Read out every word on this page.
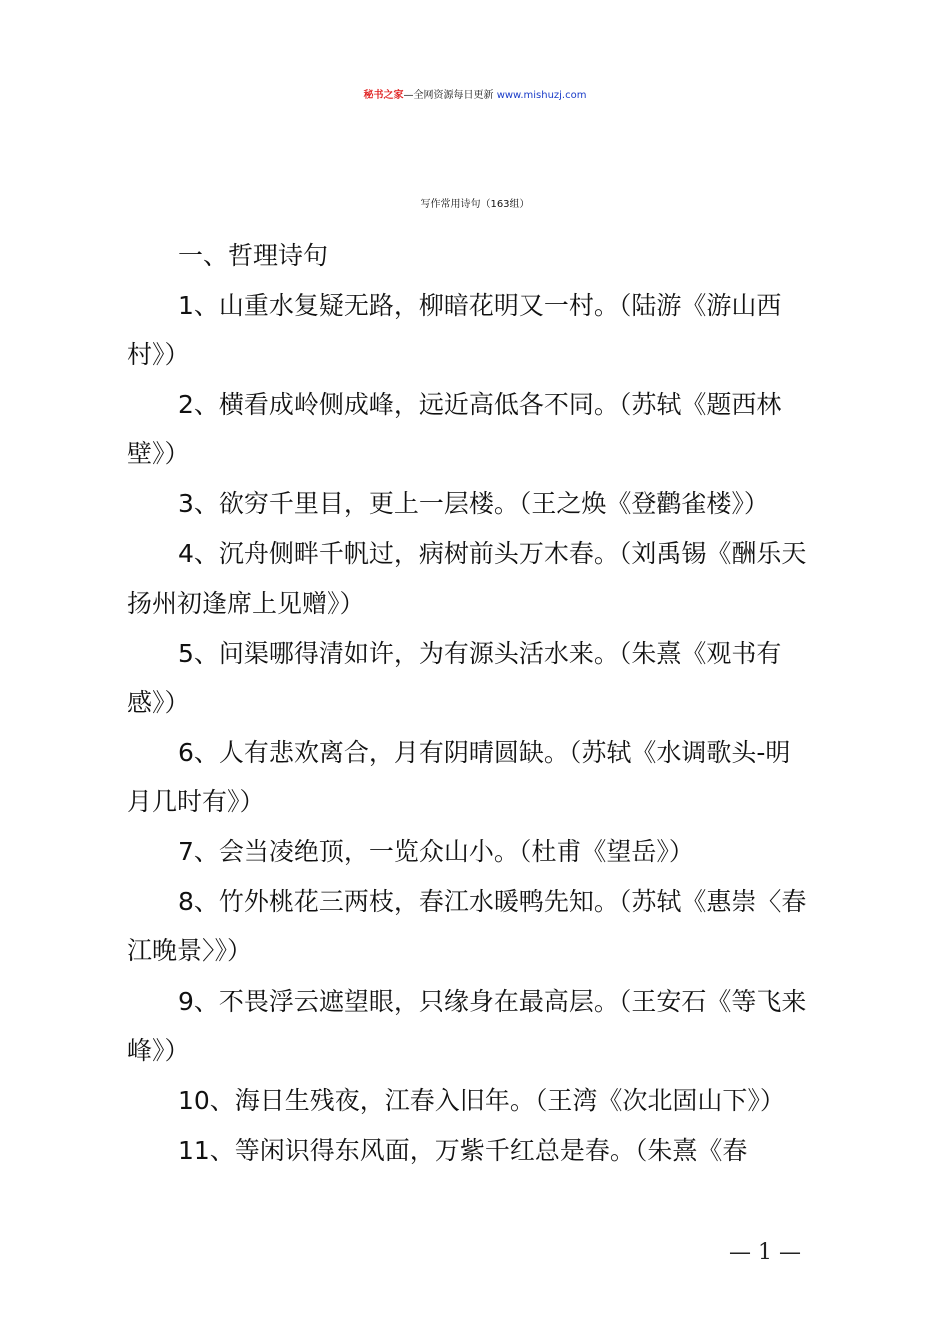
秘书之家—全网资源每日更新 www.mishuzj.com
写作常用诗句（163组）
一、哲理诗句
1、山重水复疑无路，柳暗花明又一村。（陆游《游山西
村》）
2、横看成岭侧成峰，远近高低各不同。（苏轼《题西林
壁》）
3、欲穷千里目，更上一层楼。（王之焕《登鹳雀楼》）
4、沉舟侧畔千帆过，病树前头万木春。（刘禹锡《酬乐天
扬州初逢席上见赠》）
5、问渠哪得清如许，为有源头活水来。（朱熹《观书有
感》）
6、人有悲欢离合，月有阴晴圆缺。（苏轼《水调歌头-明
月几时有》）
7、会当凌绝顶，一览众山小。（杜甫《望岳》）
8、竹外桃花三两枝，春江水暖鸭先知。（苏轼《惠崇〈春
江晚景〉》）
9、不畏浮云遮望眼，只缘身在最高层。（王安石《等飞来
峰》）
10、海日生残夜，江春入旧年。（王湾《次北固山下》）
11、等闲识得东风面，万紫千红总是春。（朱熹《春
— 1 —
